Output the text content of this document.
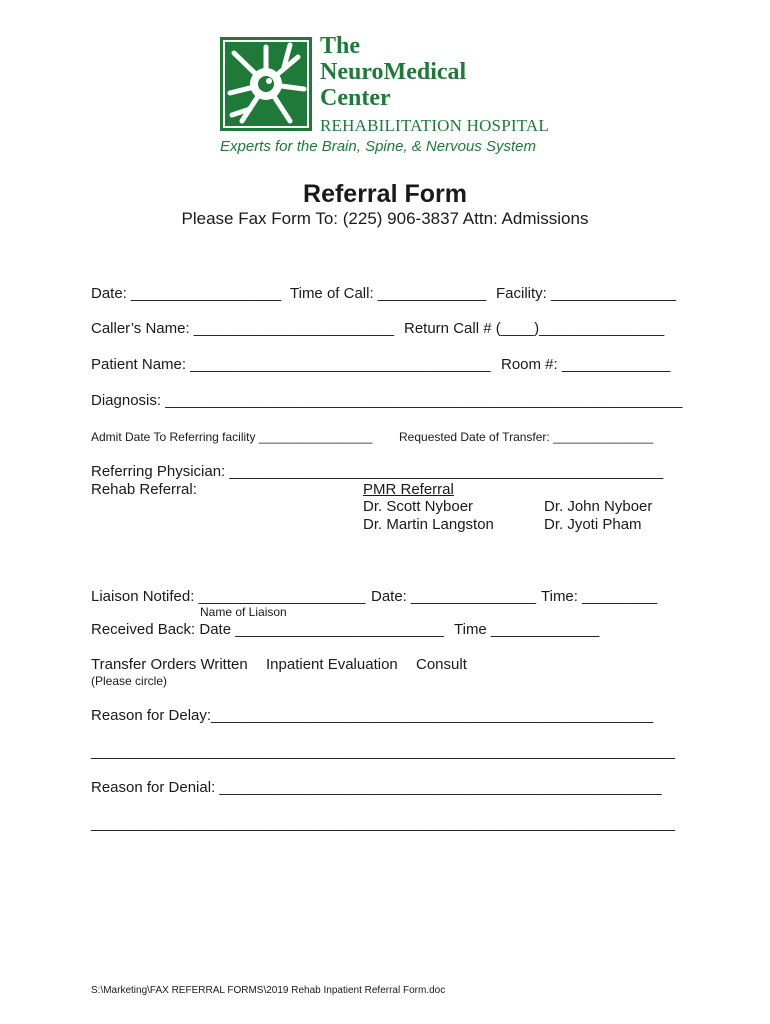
The
NeuroMedical
Center
REHABILITATION HOSPITAL
Experts for the Brain, Spine, & Nervous System
Referral Form
Please Fax Form To: (225) 906-3837 Attn: Admissions
Date: __________________ Time of Call: _____________ Facility: _______________
Caller’s Name: ________________________ Return Call # (____)_______________
Patient Name: ____________________________________ Room #: _____________
Diagnosis: ______________________________________________________________
Admit Date To Referring facility _________________ Requested Date of Transfer: _______________
Referring Physician: ____________________________________________________
Rehab Referral:	PMR Referral
Dr. Scott Nyboer
Dr. Martin Langston
Dr. John Nyboer
Dr. Jyoti Pham
Liaison Notifed: ____________________ Date: _______________ Time: _________
Name of Liaison
Received Back: Date _________________________ Time _____________
Transfer Orders Written Inpatient Evaluation Consult
(Please circle)
Reason for Delay:_____________________________________________________
______________________________________________________________________
Reason for Denial: _____________________________________________________
______________________________________________________________________
S:\Marketing\FAX REFERRAL FORMS\2019 Rehab Inpatient Referral Form.doc
